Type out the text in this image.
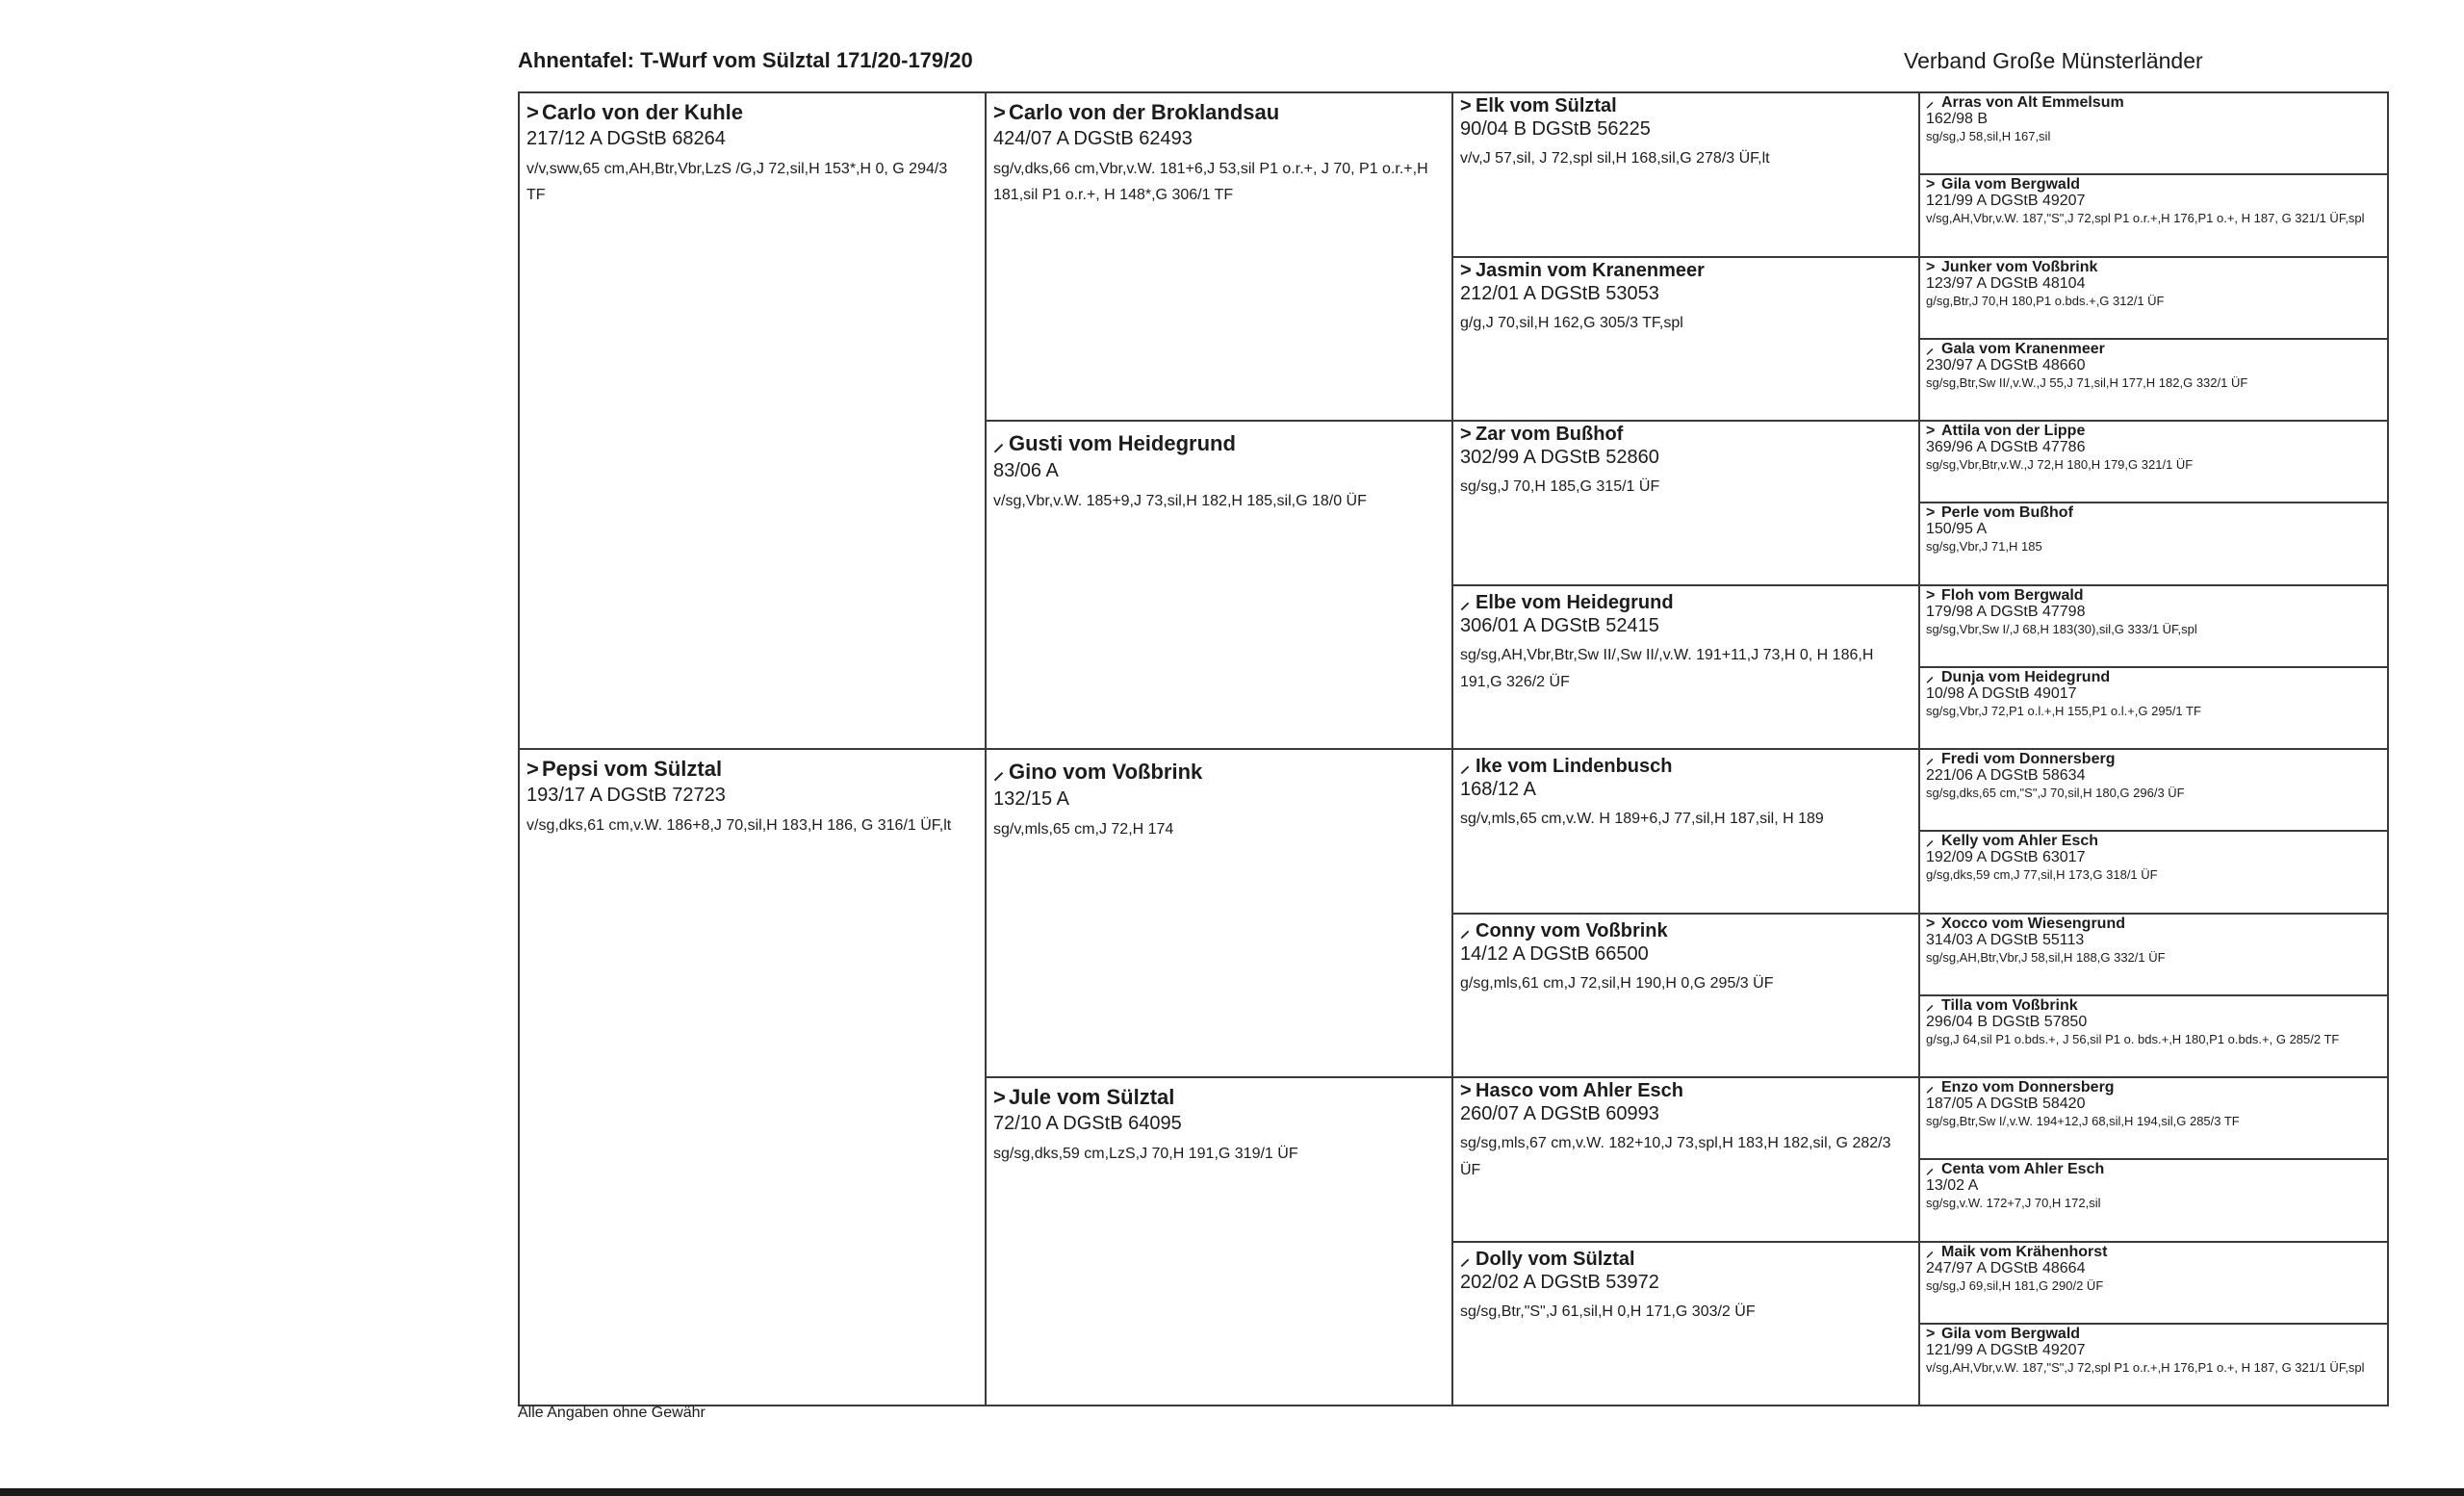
Ahnentafel: T-Wurf vom Sülztal 171/20-179/20	Verband Große Münsterländer
> Carlo von der Kuhle
217/12 A DGStB 68264
v/v,sww,65 cm,AH,Btr,Vbr,LzS /G,J 72,sil,H 153*,H 0, G 294/3 TF
> Pepsi vom Sülztal
193/17 A DGStB 72723
v/sg,dks,61 cm,v.W. 186+8,J 70,sil,H 183,H 186, G 316/1 ÜF,lt
> Carlo von der Broklandsau
424/07 A DGStB 62493
sg/v,dks,66 cm,Vbr,v.W. 181+6,J 53,sil P1 o.r.+, J 70, P1 o.r.+,H 181,sil P1 o.r.+, H 148*,G 306/1 TF
⸝ Gusti vom Heidegrund
83/06 A
v/sg,Vbr,v.W. 185+9,J 73,sil,H 182,H 185,sil,G 18/0 ÜF
⸝ Gino vom Voßbrink
132/15 A
sg/v,mls,65 cm,J 72,H 174
> Jule vom Sülztal
72/10 A DGStB 64095
sg/sg,dks,59 cm,LzS,J 70,H 191,G 319/1 ÜF
> Elk vom Sülztal
90/04 B DGStB 56225
v/v,J 57,sil, J 72,spl sil,H 168,sil,G 278/3 ÜF,lt
> Jasmin vom Kranenmeer
212/01 A DGStB 53053
g/g,J 70,sil,H 162,G 305/3 TF,spl
> Zar vom Bußhof
302/99 A DGStB 52860
sg/sg,J 70,H 185,G 315/1 ÜF
⸝ Elbe vom Heidegrund
306/01 A DGStB 52415
sg/sg,AH,Vbr,Btr,Sw II/,Sw II/,v.W. 191+11,J 73,H 0, H 186,H 191,G 326/2 ÜF
⸝ Ike vom Lindenbusch
168/12 A
sg/v,mls,65 cm,v.W. H 189+6,J 77,sil,H 187,sil, H 189
⸝ Conny vom Voßbrink
14/12 A DGStB 66500
g/sg,mls,61 cm,J 72,sil,H 190,H 0,G 295/3 ÜF
> Hasco vom Ahler Esch
260/07 A DGStB 60993
sg/sg,mls,67 cm,v.W. 182+10,J 73,spl,H 183,H 182,sil, G 282/3 ÜF
⸝ Dolly vom Sülztal
202/02 A DGStB 53972
sg/sg,Btr,"S",J 61,sil,H 0,H 171,G 303/2 ÜF
⸝ Arras von Alt Emmelsum
162/98 B
sg/sg,J 58,sil,H 167,sil
> Gila vom Bergwald
121/99 A DGStB 49207
v/sg,AH,Vbr,v.W. 187,"S",J 72,spl P1 o.r.+,H 176,P1 o.+, H 187, G 321/1 ÜF,spl
> Junker vom Voßbrink
123/97 A DGStB 48104
g/sg,Btr,J 70,H 180,P1 o.bds.+,G 312/1 ÜF
⸝ Gala vom Kranenmeer
230/97 A DGStB 48660
sg/sg,Btr,Sw II/,v.W.,J 55,J 71,sil,H 177,H 182,G 332/1 ÜF
> Attila von der Lippe
369/96 A DGStB 47786
sg/sg,Vbr,Btr,v.W.,J 72,H 180,H 179,G 321/1 ÜF
> Perle vom Bußhof
150/95 A
sg/sg,Vbr,J 71,H 185
> Floh vom Bergwald
179/98 A DGStB 47798
sg/sg,Vbr,Sw I/,J 68,H 183(30),sil,G 333/1 ÜF,spl
⸝ Dunja vom Heidegrund
10/98 A DGStB 49017
sg/sg,Vbr,J 72,P1 o.l.+,H 155,P1 o.l.+,G 295/1 TF
⸝ Fredi vom Donnersberg
221/06 A DGStB 58634
sg/sg,dks,65 cm,"S",J 70,sil,H 180,G 296/3 ÜF
⸝ Kelly vom Ahler Esch
192/09 A DGStB 63017
g/sg,dks,59 cm,J 77,sil,H 173,G 318/1 ÜF
> Xocco vom Wiesengrund
314/03 A DGStB 55113
sg/sg,AH,Btr,Vbr,J 58,sil,H 188,G 332/1 ÜF
⸝ Tilla vom Voßbrink
296/04 B DGStB 57850
g/sg,J 64,sil P1 o.bds.+, J 56,sil P1 o. bds.+,H 180,P1 o.bds.+, G 285/2 TF
⸝ Enzo vom Donnersberg
187/05 A DGStB 58420
sg/sg,Btr,Sw I/,v.W. 194+12,J 68,sil,H 194,sil,G 285/3 TF
⸝ Centa vom Ahler Esch
13/02 A
sg/sg,v.W. 172+7,J 70,H 172,sil
⸝ Maik vom Krähenhorst
247/97 A DGStB 48664
sg/sg,J 69,sil,H 181,G 290/2 ÜF
> Gila vom Bergwald
121/99 A DGStB 49207
v/sg,AH,Vbr,v.W. 187,"S",J 72,spl P1 o.r.+,H 176,P1 o.+, H 187, G 321/1 ÜF,spl
Alle Angaben ohne Gewähr
